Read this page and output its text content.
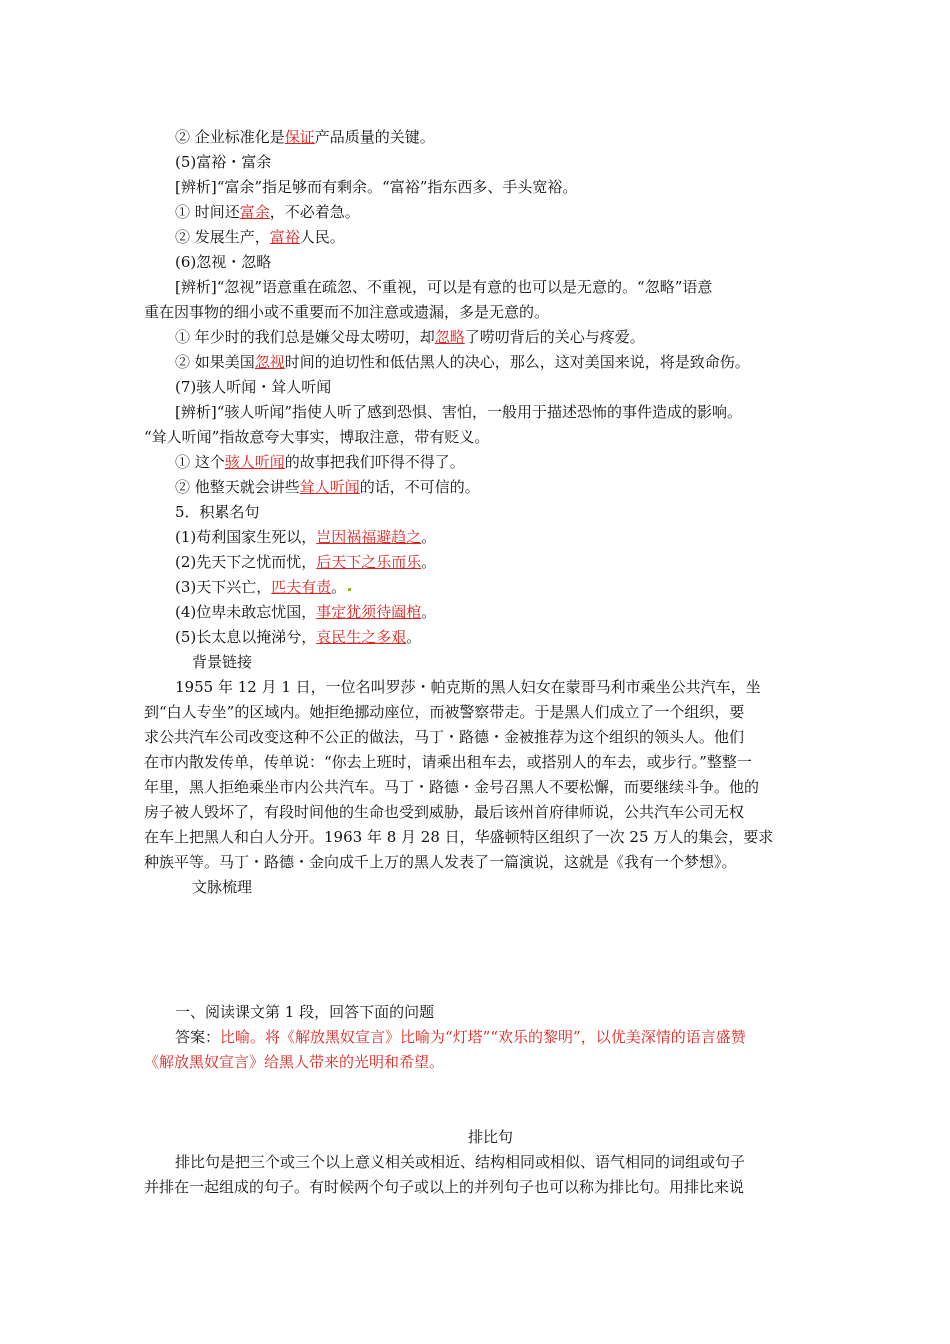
② 企业标准化是保证产品质量的关键。
(5)富裕・富余
[辨析]“富余”指足够而有剩余。“富裕”指东西多、手头宽裕。
① 时间还富余，不必着急。
② 发展生产，富裕人民。
(6)忽视・忽略
[辨析]“忽视”语意重在疏忽、不重视，可以是有意的也可以是无意的。“忽略”语意
重在因事物的细小或不重要而不加注意或遗漏，多是无意的。
① 年少时的我们总是嫌父母太唠叨，却忽略了唠叨背后的关心与疼爱。
② 如果美国忽视时间的迫切性和低估黑人的决心，那么，这对美国来说，将是致命伤。
(7)骇人听闻・耸人听闻
[辨析]“骇人听闻”指使人听了感到恐惧、害怕，一般用于描述恐怖的事件造成的影响。
“耸人听闻”指故意夸大事实，博取注意，带有贬义。
① 这个骇人听闻的故事把我们吓得不得了。
② 他整天就会讲些耸人听闻的话，不可信的。
5．积累名句
(1)苟利国家生死以，岂因祸福避趋之。
(2)先天下之忧而忧，后天下之乐而乐。
(3)天下兴亡，匹夫有责。
(4)位卑未敢忘忧国，事定犹须待阖棺。
(5)长太息以掩涕兮，哀民生之多艰。
背景链接
1955 年 12 月 1 日，一位名叫罗莎・帕克斯的黑人妇女在蒙哥马利市乘坐公共汽车，坐
到“白人专坐”的区域内。她拒绝挪动座位，而被警察带走。于是黑人们成立了一个组织，要
求公共汽车公司改变这种不公正的做法，马丁・路德・金被推荐为这个组织的领头人。他们
在市内散发传单，传单说：“你去上班时，请乘出租车去，或搭别人的车去，或步行。”整整一
年里，黑人拒绝乘坐市内公共汽车。马丁・路德・金号召黑人不要松懈，而要继续斗争。他的
房子被人毁坏了，有段时间他的生命也受到威胁，最后该州首府律师说，公共汽车公司无权
在车上把黑人和白人分开。1963 年 8 月 28 日，华盛顿特区组织了一次 25 万人的集会，要求
种族平等。马丁・路德・金向成千上万的黑人发表了一篇演说，这就是《我有一个梦想》。
文脉梳理
一、阅读课文第 1 段，回答下面的问题
答案：比喻。将《解放黑奴宣言》比喻为“灯塔”“欢乐的黎明”，以优美深情的语言盛赞
《解放黑奴宣言》给黑人带来的光明和希望。
排比句
排比句是把三个或三个以上意义相关或相近、结构相同或相似、语气相同的词组或句子
并排在一起组成的句子。有时候两个句子或以上的并列句子也可以称为排比句。用排比来说
